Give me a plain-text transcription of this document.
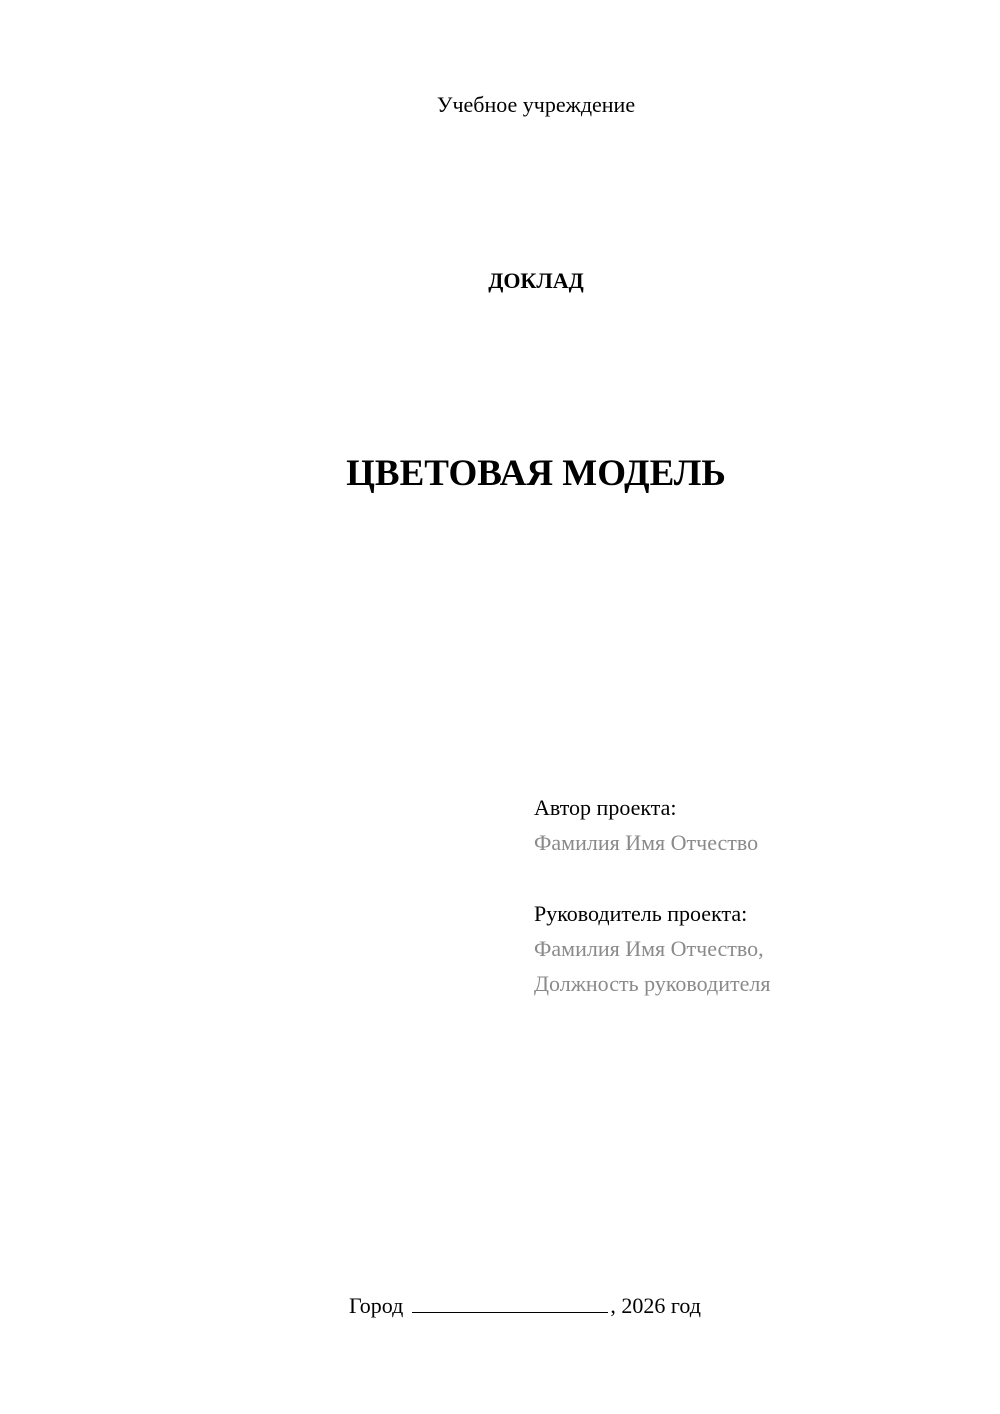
Учебное учреждение
ДОКЛАД
ЦВЕТОВАЯ МОДЕЛЬ
Автор проекта:
Фамилия Имя Отчество
Руководитель проекта:
Фамилия Имя Отчество,
Должность руководителя
Город	, 2026 год
